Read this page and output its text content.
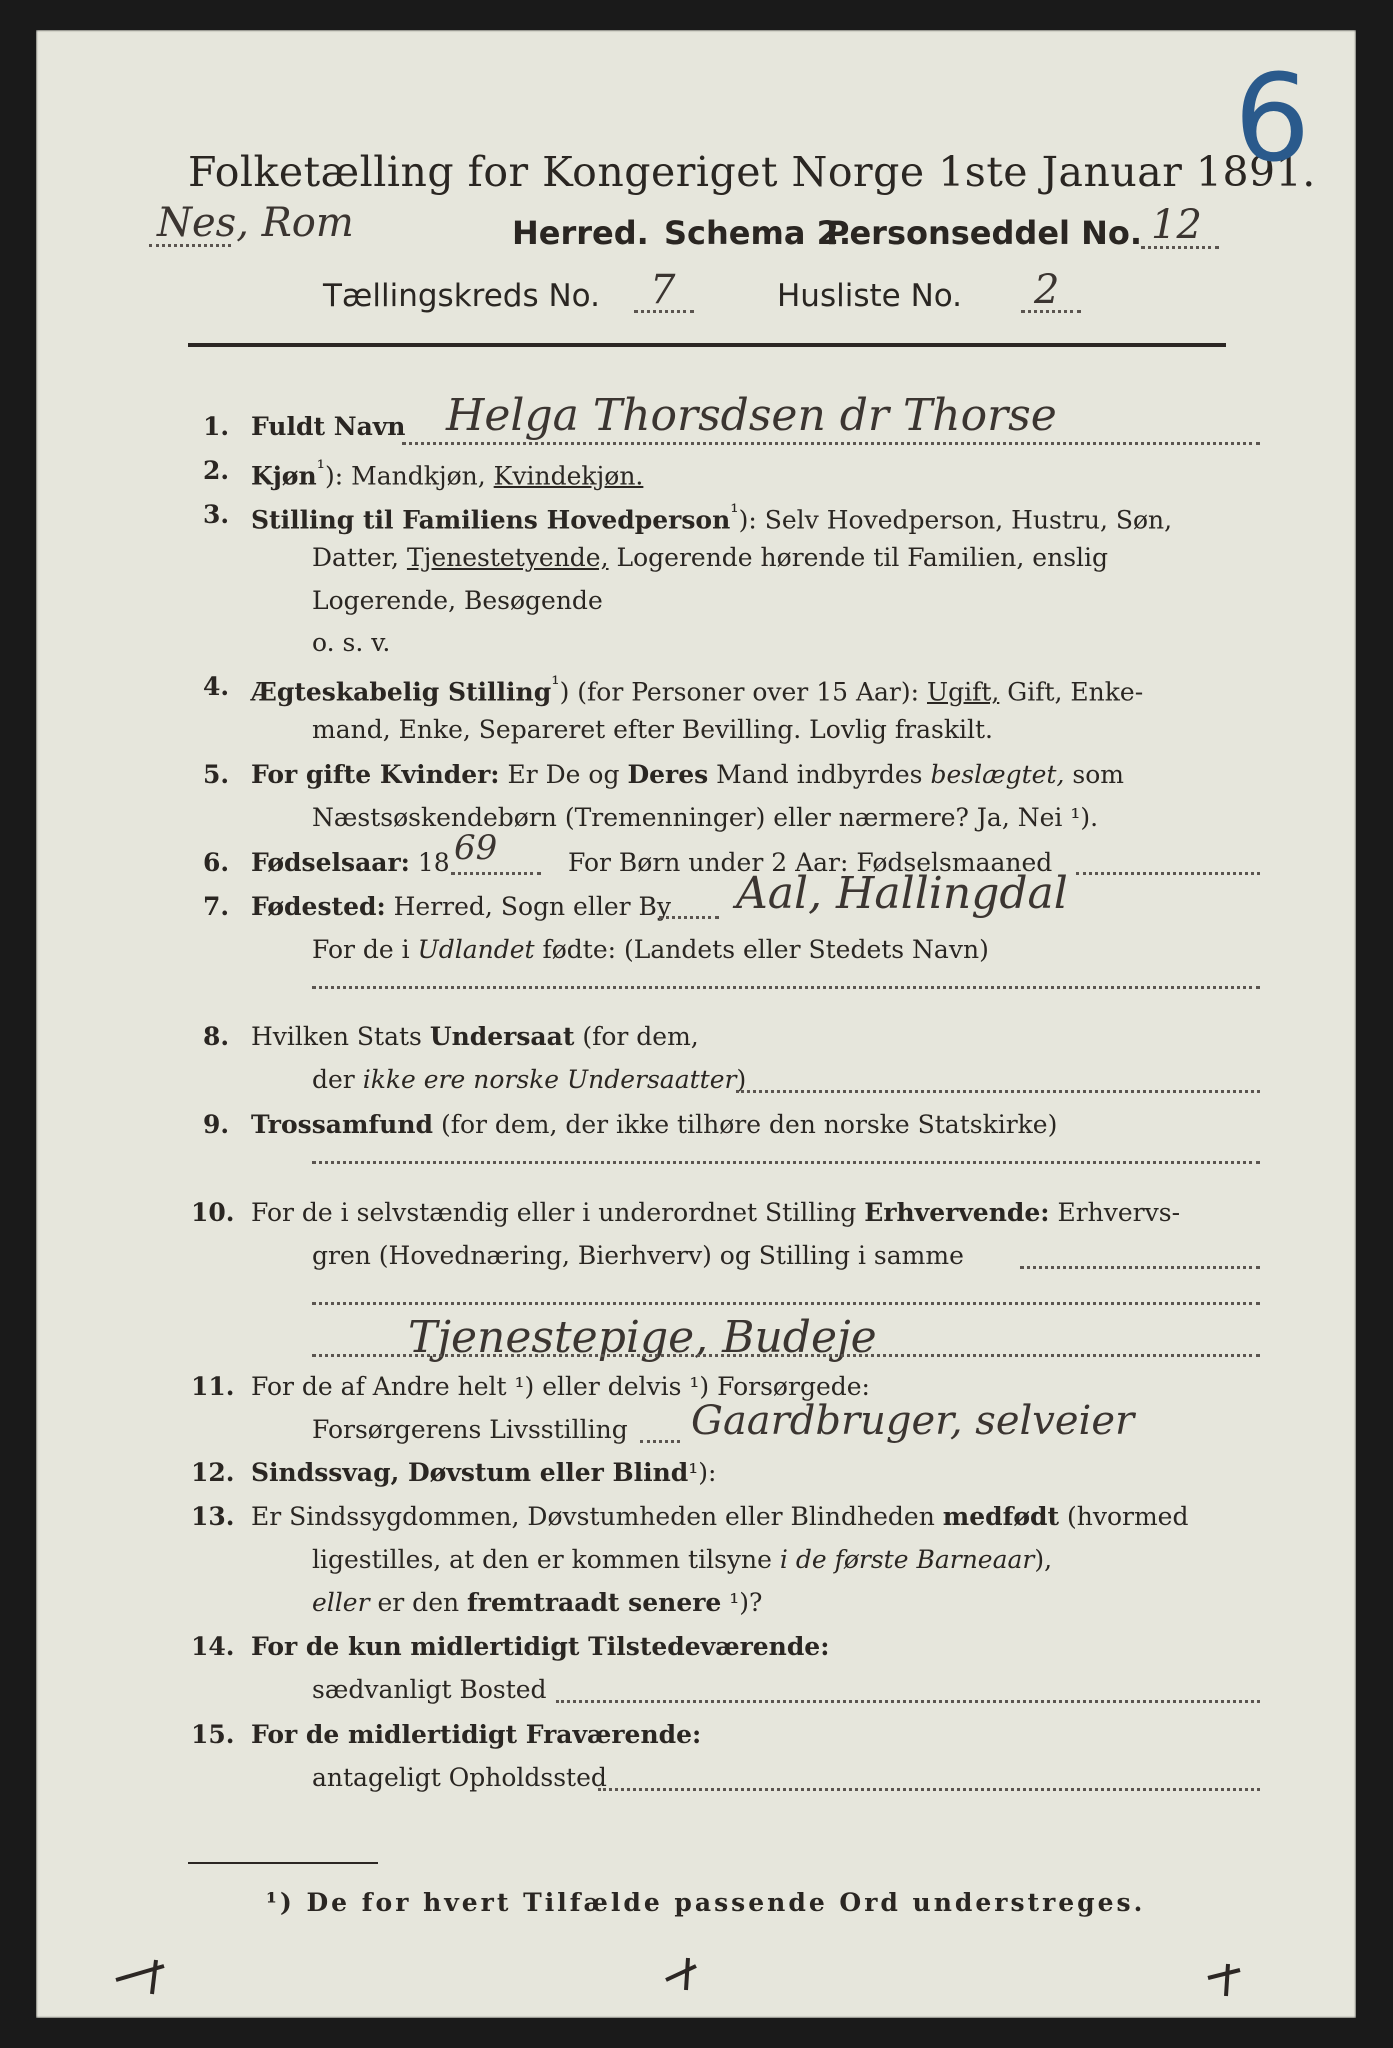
Folketælling for Kongeriget Norge 1ste Januar 1891.
6
Nes, Rom	Herred. Schema 2.
Personseddel No. 12
Tællingskreds No. 7	Husliste No. 2
1. Fuldt Navn Helga Thorsdsen dr Thorse
2. Kjøn$^{^1}$): Mandkjøn, Kvindekjøn.
3. Stilling til Familiens Hovedperson$^{^1}$): Selv Hovedperson, Hustru, Søn,
Datter, Tjenestetyende, Logerende hørende til Familien, enslig
Logerende, Besøgende
o. s. v.
4. Ægteskabelig Stilling$^{^1}$) (for Personer over 15 Aar): Ugift, Gift, Enke-
mand, Enke, Separeret efter Bevilling. Lovlig fraskilt.
5. For gifte Kvinder: Er De og Deres Mand indbyrdes beslægtet, som
Næstsøskendebørn (Tremenninger) eller nærmere? Ja, Nei ¹).
6. Fødselsaar: 18 69	For Børn under 2 Aar: Fødselsmaaned
7. Fødested: Herred, Sogn eller By Aal, Hallingdal
For de i Udlandet fødte: (Landets eller Stedets Navn)
8. Hvilken Stats Undersaat (for dem,
der ikke ere norske Undersaatter)
9. Trossamfund (for dem, der ikke tilhøre den norske Statskirke)
10. For de i selvstændig eller i underordnet Stilling Erhvervende: Erhvervs-
gren (Hovednæring, Bierhverv) og Stilling i samme
Tjenestepige, Budeje
11. For de af Andre helt ¹) eller delvis ¹) Forsørgede:
Forsørgerens Livsstilling Gaardbruger, selveier
12. Sindssvag, Døvstum eller Blind¹):
13. Er Sindssygdommen, Døvstumheden eller Blindheden medfødt (hvormed
ligestilles, at den er kommen tilsyne i de første Barneaar),
eller er den fremtraadt senere ¹)?
14. For de kun midlertidigt Tilstedeværende:
sædvanligt Bosted
15. For de midlertidigt Fraværende:
antageligt Opholdssted
¹) De for hvert Tilfælde passende Ord understreges.
